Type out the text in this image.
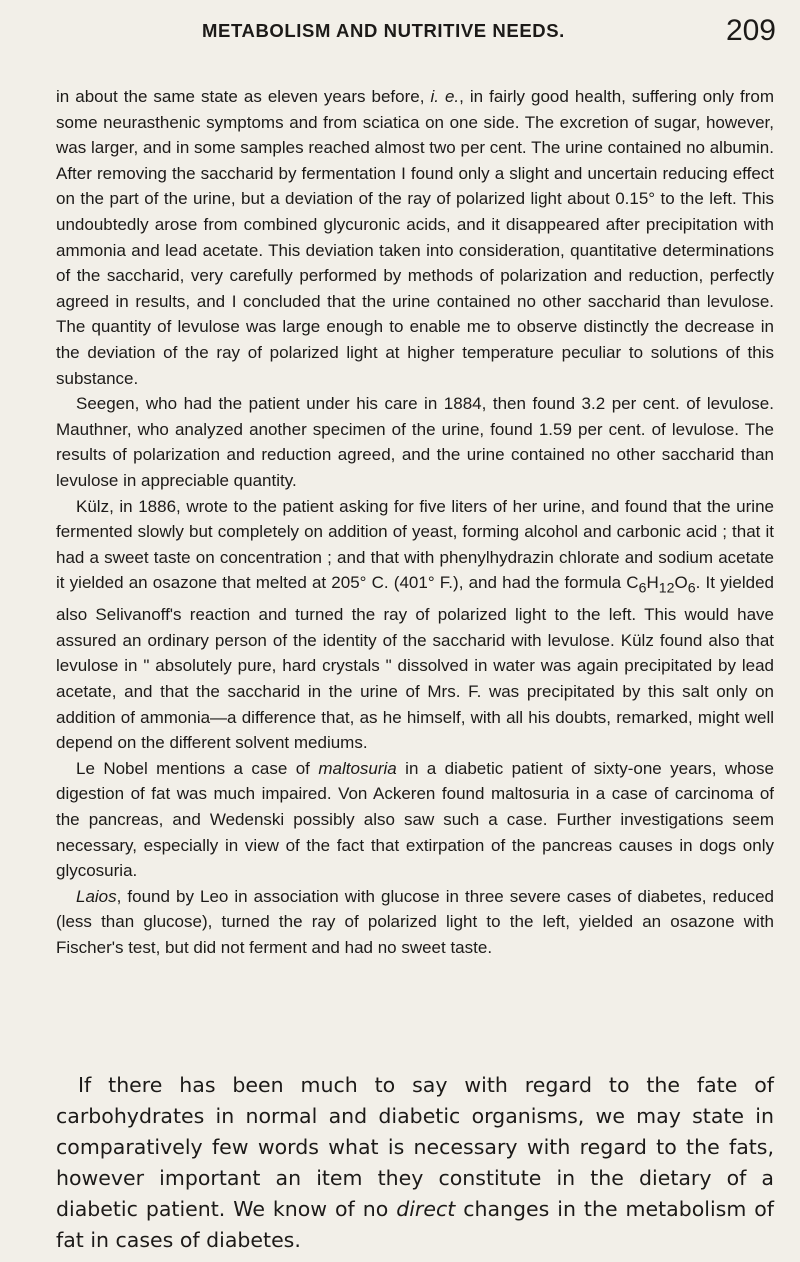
METABOLISM AND NUTRITIVE NEEDS.	209

in about the same state as eleven years before, i. e., in fairly good health, suffering only from some neurasthenic symptoms and from sciatica on one side. The excretion of sugar, however, was larger, and in some samples reached almost two per cent. The urine contained no albumin. After removing the saccharid by fermentation I found only a slight and uncertain reducing effect on the part of the urine, but a deviation of the ray of polarized light about 0.15° to the left. This undoubtedly arose from combined glycuronic acids, and it disappeared after precipitation with ammonia and lead acetate. This deviation taken into consideration, quantitative determinations of the saccharid, very carefully performed by methods of polarization and reduction, perfectly agreed in results, and I concluded that the urine contained no other saccharid than levulose. The quantity of levulose was large enough to enable me to observe distinctly the decrease in the deviation of the ray of polarized light at higher temperature peculiar to solutions of this substance.

Seegen, who had the patient under his care in 1884, then found 3.2 per cent. of levulose. Mauthner, who analyzed another specimen of the urine, found 1.59 per cent. of levulose. The results of polarization and reduction agreed, and the urine contained no other saccharid than levulose in appreciable quantity.

Külz, in 1886, wrote to the patient asking for five liters of her urine, and found that the urine fermented slowly but completely on addition of yeast, forming alcohol and carbonic acid ; that it had a sweet taste on concentration ; and that with phenylhydrazin chlorate and sodium acetate it yielded an osazone that melted at 205° C. (401° F.), and had the formula $C_6H_{12}O_6$. It yielded also Selivanoff's reaction and turned the ray of polarized light to the left. This would have assured an ordinary person of the identity of the saccharid with levulose. Külz found also that levulose in " absolutely pure, hard crystals " dissolved in water was again precipitated by lead acetate, and that the saccharid in the urine of Mrs. F. was precipitated by this salt only on addition of ammonia—a difference that, as he himself, with all his doubts, remarked, might well depend on the different solvent mediums.

Le Nobel mentions a case of maltosuria in a diabetic patient of sixty-one years, whose digestion of fat was much impaired. Von Ackeren found maltosuria in a case of carcinoma of the pancreas, and Wedenski possibly also saw such a case. Further investigations seem necessary, especially in view of the fact that extirpation of the pancreas causes in dogs only glycosuria.

Laios, found by Leo in association with glucose in three severe cases of diabetes, reduced (less than glucose), turned the ray of polarized light to the left, yielded an osazone with Fischer's test, but did not ferment and had no sweet taste.

If there has been much to say with regard to the fate of carbohydrates in normal and diabetic organisms, we may state in comparatively few words what is necessary with regard to the fats, however important an item they constitute in the dietary of a diabetic patient. We know of no direct changes in the metabolism of fat in cases of diabetes.
